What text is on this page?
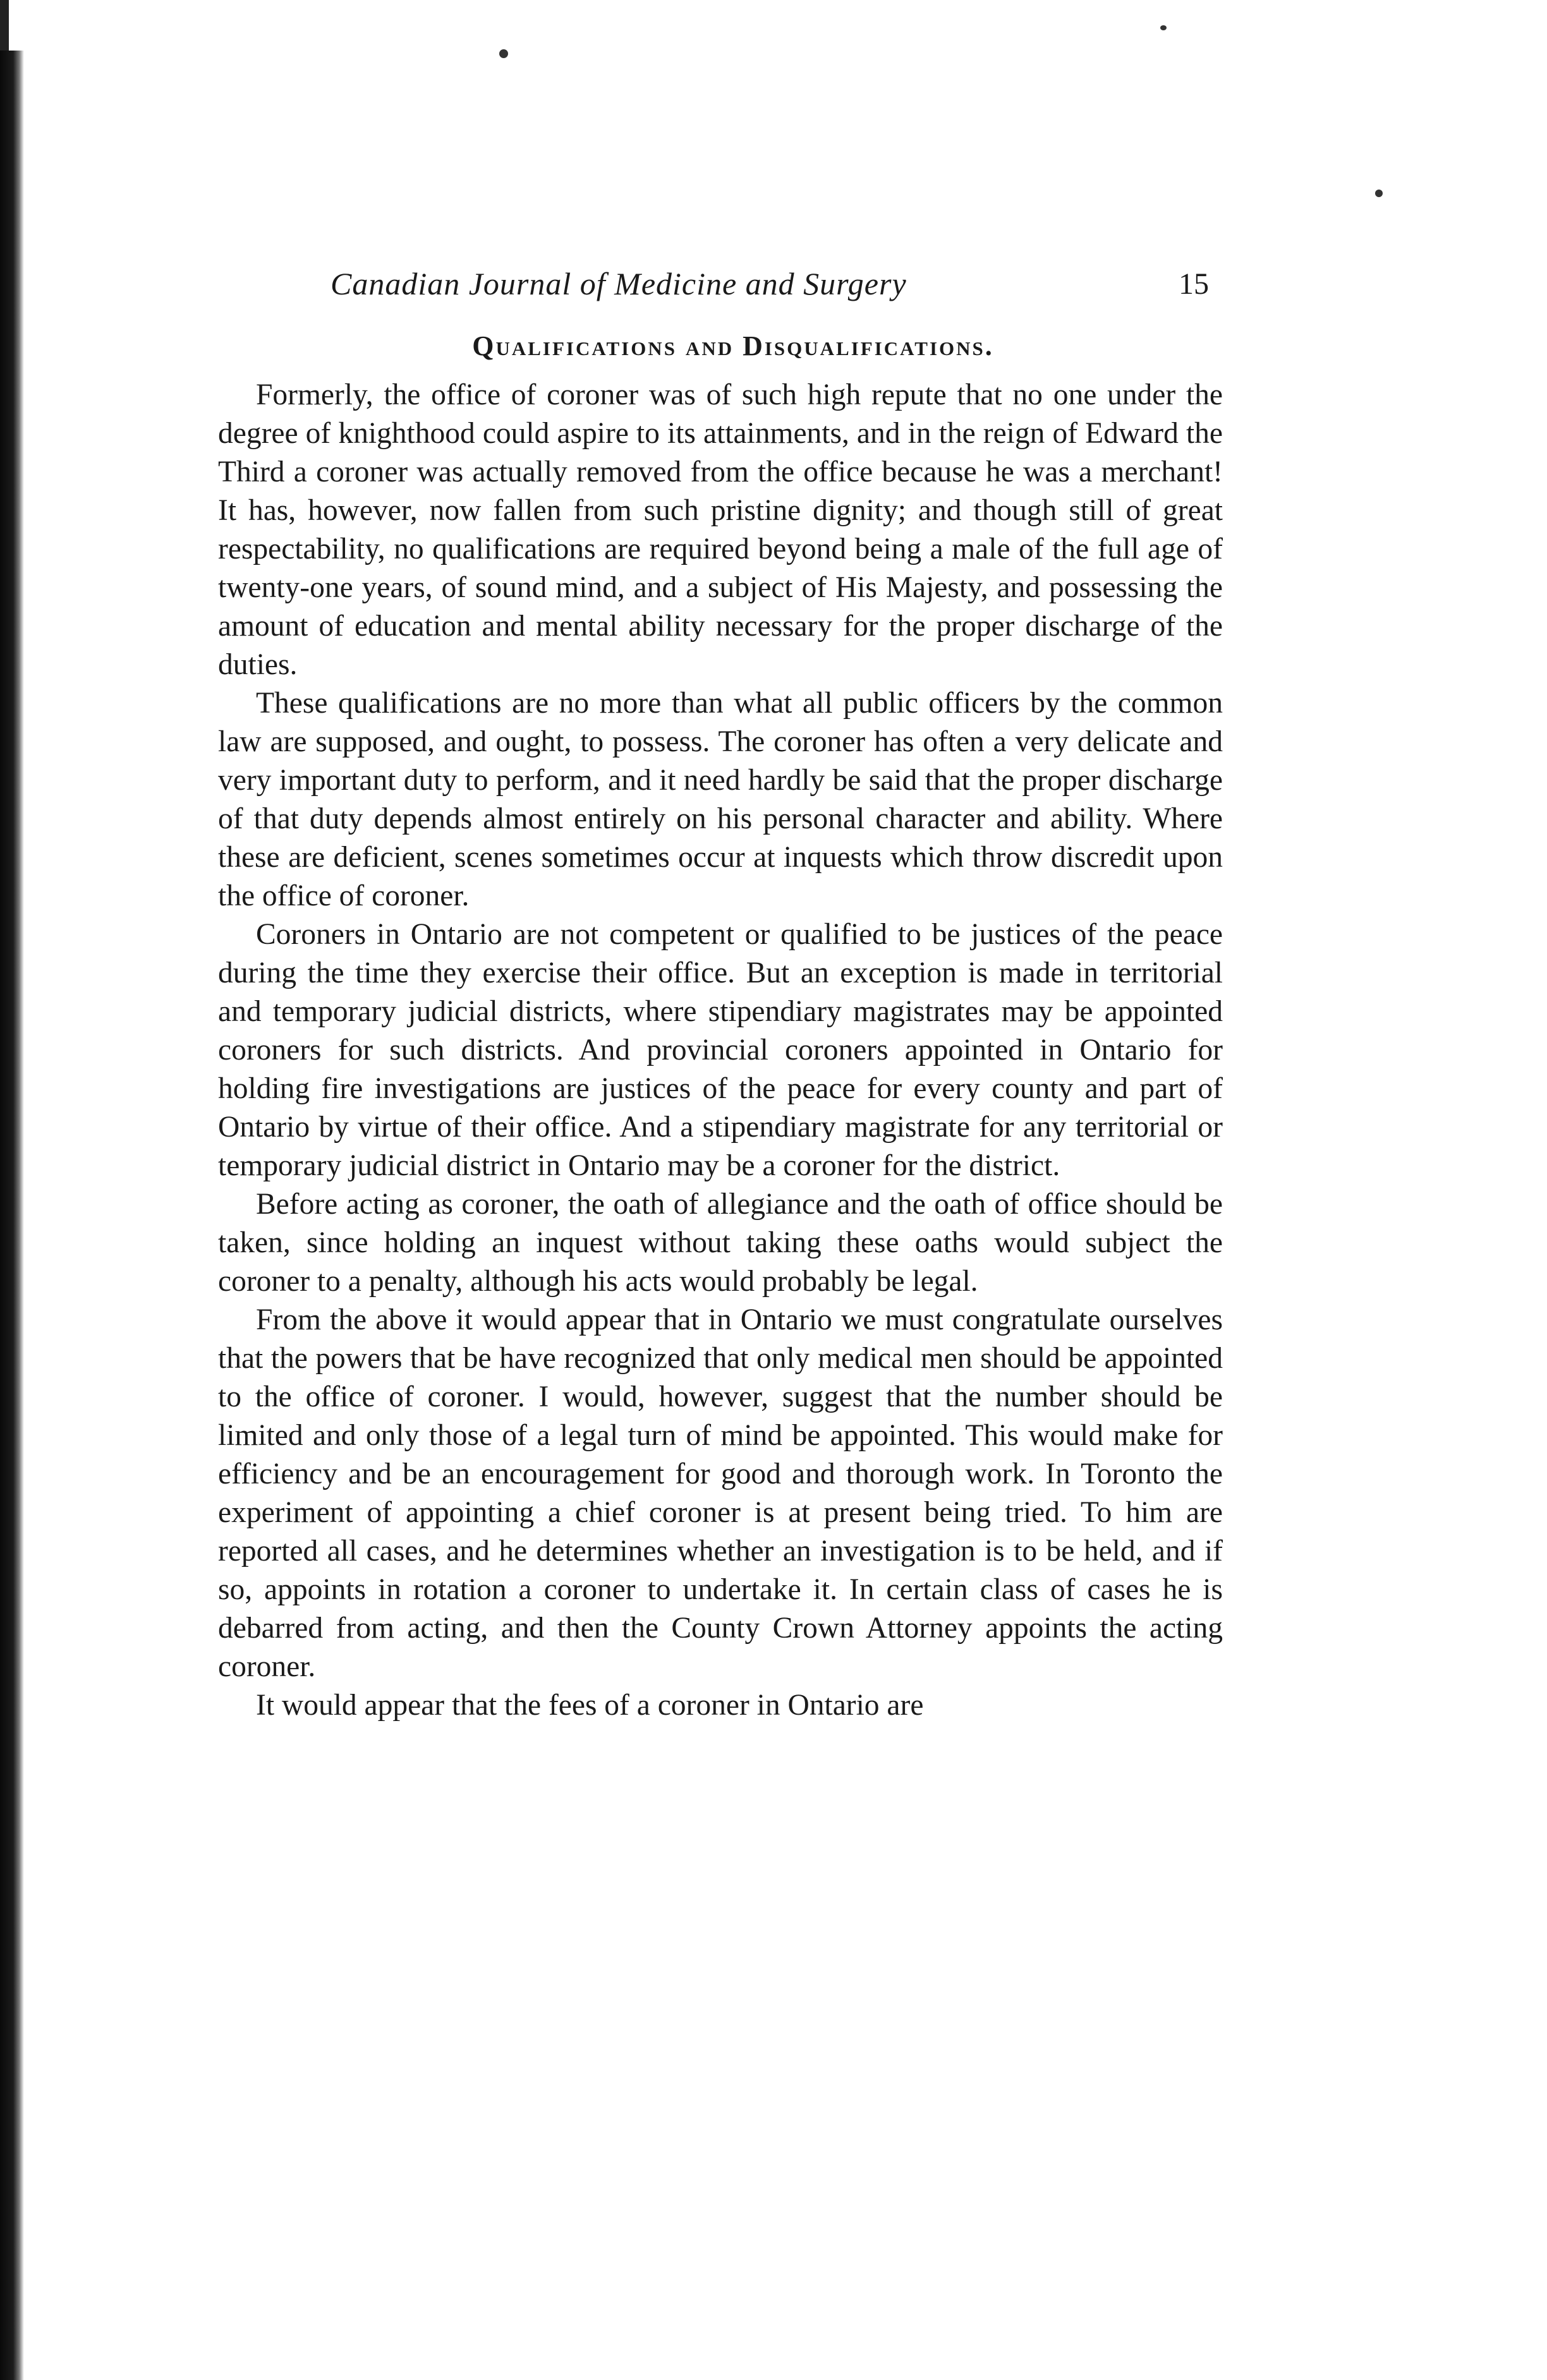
Canadian Journal of Medicine and Surgery	15
Qualifications and Disqualifications.

Formerly, the office of coroner was of such high repute that no one under the degree of knighthood could aspire to its attainments, and in the reign of Edward the Third a coroner was actually removed from the office because he was a merchant! It has, however, now fallen from such pristine dignity; and though still of great respectability, no qualifications are required beyond being a male of the full age of twenty-one years, of sound mind, and a subject of His Majesty, and possessing the amount of education and mental ability necessary for the proper discharge of the duties.

These qualifications are no more than what all public officers by the common law are supposed, and ought, to possess. The coroner has often a very delicate and very important duty to perform, and it need hardly be said that the proper discharge of that duty depends almost entirely on his personal character and ability. Where these are deficient, scenes sometimes occur at inquests which throw discredit upon the office of coroner.

Coroners in Ontario are not competent or qualified to be justices of the peace during the time they exercise their office. But an exception is made in territorial and temporary judicial districts, where stipendiary magistrates may be appointed coroners for such districts. And provincial coroners appointed in Ontario for holding fire investigations are justices of the peace for every county and part of Ontario by virtue of their office. And a stipendiary magistrate for any territorial or temporary judicial district in Ontario may be a coroner for the district.

Before acting as coroner, the oath of allegiance and the oath of office should be taken, since holding an inquest without taking these oaths would subject the coroner to a penalty, although his acts would probably be legal.

From the above it would appear that in Ontario we must congratulate ourselves that the powers that be have recognized that only medical men should be appointed to the office of coroner. I would, however, suggest that the number should be limited and only those of a legal turn of mind be appointed. This would make for efficiency and be an encouragement for good and thorough work. In Toronto the experiment of appointing a chief coroner is at present being tried. To him are reported all cases, and he determines whether an investigation is to be held, and if so, appoints in rotation a coroner to undertake it. In certain class of cases he is debarred from acting, and then the County Crown Attorney appoints the acting coroner.

It would appear that the fees of a coroner in Ontario are
